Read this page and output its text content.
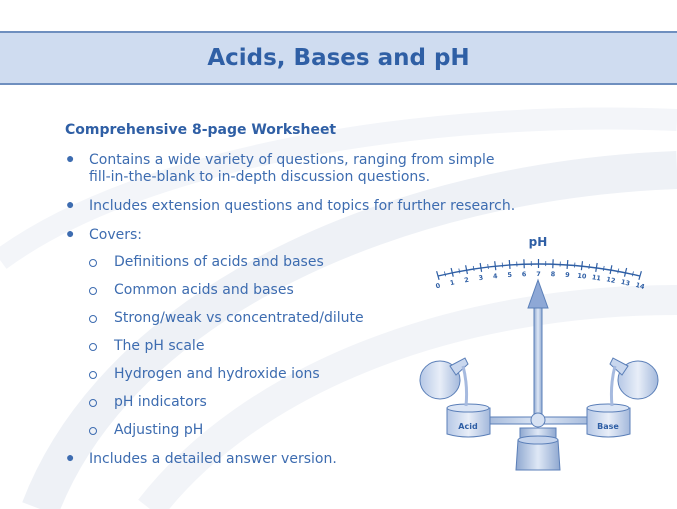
Acids, Bases and pH
Comprehensive 8-page Worksheet
● Contains a wide variety of questions, ranging from simple
fill-in-the-blank to in-depth discussion questions.
● Includes extension questions and topics for further research.
● Covers:
Definitions of acids and bases
Common acids and bases
Strong/weak vs concentrated/dilute
The pH scale
Hydrogen and hydroxide ions
pH indicators
Adjusting pH
● Includes a detailed answer version.
pH
0 1 2 3 4 5 6 7 8 9 10 11 12 13 14
Acid	Base
